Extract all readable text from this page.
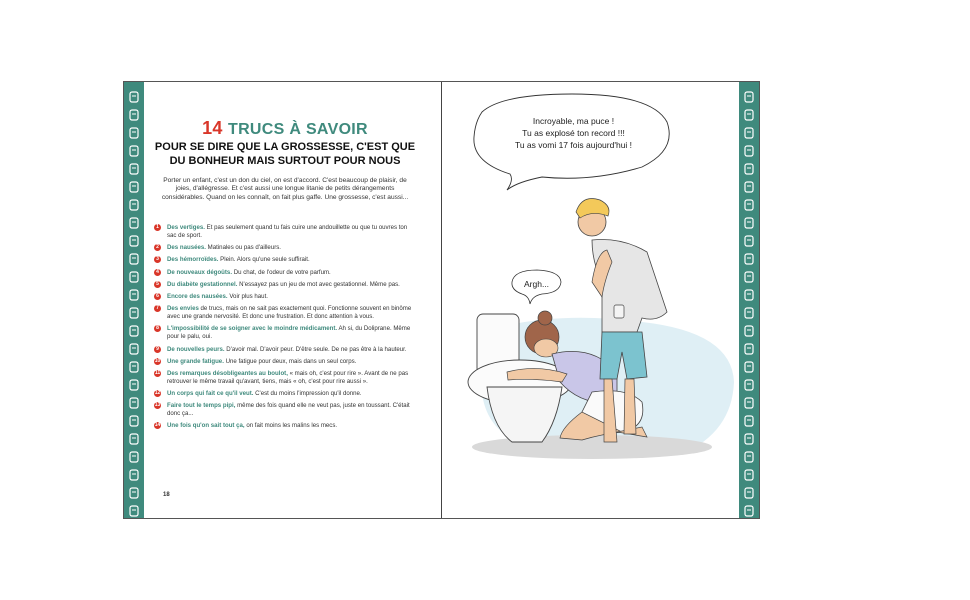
14 TRUCS À SAVOIR
POUR SE DIRE QUE LA GROSSESSE, C'EST QUE
DU BONHEUR MAIS SURTOUT POUR NOUS
Porter un enfant, c'est un don du ciel, on est d'accord. C'est beaucoup de plaisir, de joies, d'allégresse. Et c'est aussi une longue litanie de petits dérangements considérables. Quand on les connaît, on fait plus gaffe. Une grossesse, c'est aussi...
1	Des vertiges. Et pas seulement quand tu fais cuire une andouillette ou que tu ouvres ton sac de sport.
2	Des nausées. Matinales ou pas d'ailleurs.
3	Des hémorroïdes. Plein. Alors qu'une seule suffirait.
4	De nouveaux dégoûts. Du chat, de l'odeur de votre parfum.
5	Du diabète gestationnel. N'essayez pas un jeu de mot avec gestationnel. Même pas.
6	Encore des nausées. Voir plus haut.
7	Des envies de trucs, mais on ne sait pas exactement quoi. Fonctionne souvent en binôme avec une grande nervosité. Et donc une frustration. Et donc attention à vous.
8	L'impossibilité de se soigner avec le moindre médicament. Ah si, du Doliprane. Même pour le palu, oui.
9	De nouvelles peurs. D'avoir mal. D'avoir peur. D'être seule. De ne pas être à la hauteur.
10 Une grande fatigue. Une fatigue pour deux, mais dans un seul corps.
11 Des remarques désobligeantes au boulot, « mais oh, c'est pour rire ». Avant de ne pas retrouver le même travail qu'avant, tiens, mais « oh, c'est pour rire aussi ».
12 Un corps qui fait ce qu'il veut. C'est du moins l'impression qu'il donne.
13 Faire tout le temps pipi, même des fois quand elle ne veut pas, juste en toussant. C'était donc ça...
14 Une fois qu'on sait tout ça, on fait moins les malins les mecs.
18
Incroyable, ma puce !
Tu as explosé ton record !!!
Tu as vomi 17 fois aujourd'hui !
Argh...
